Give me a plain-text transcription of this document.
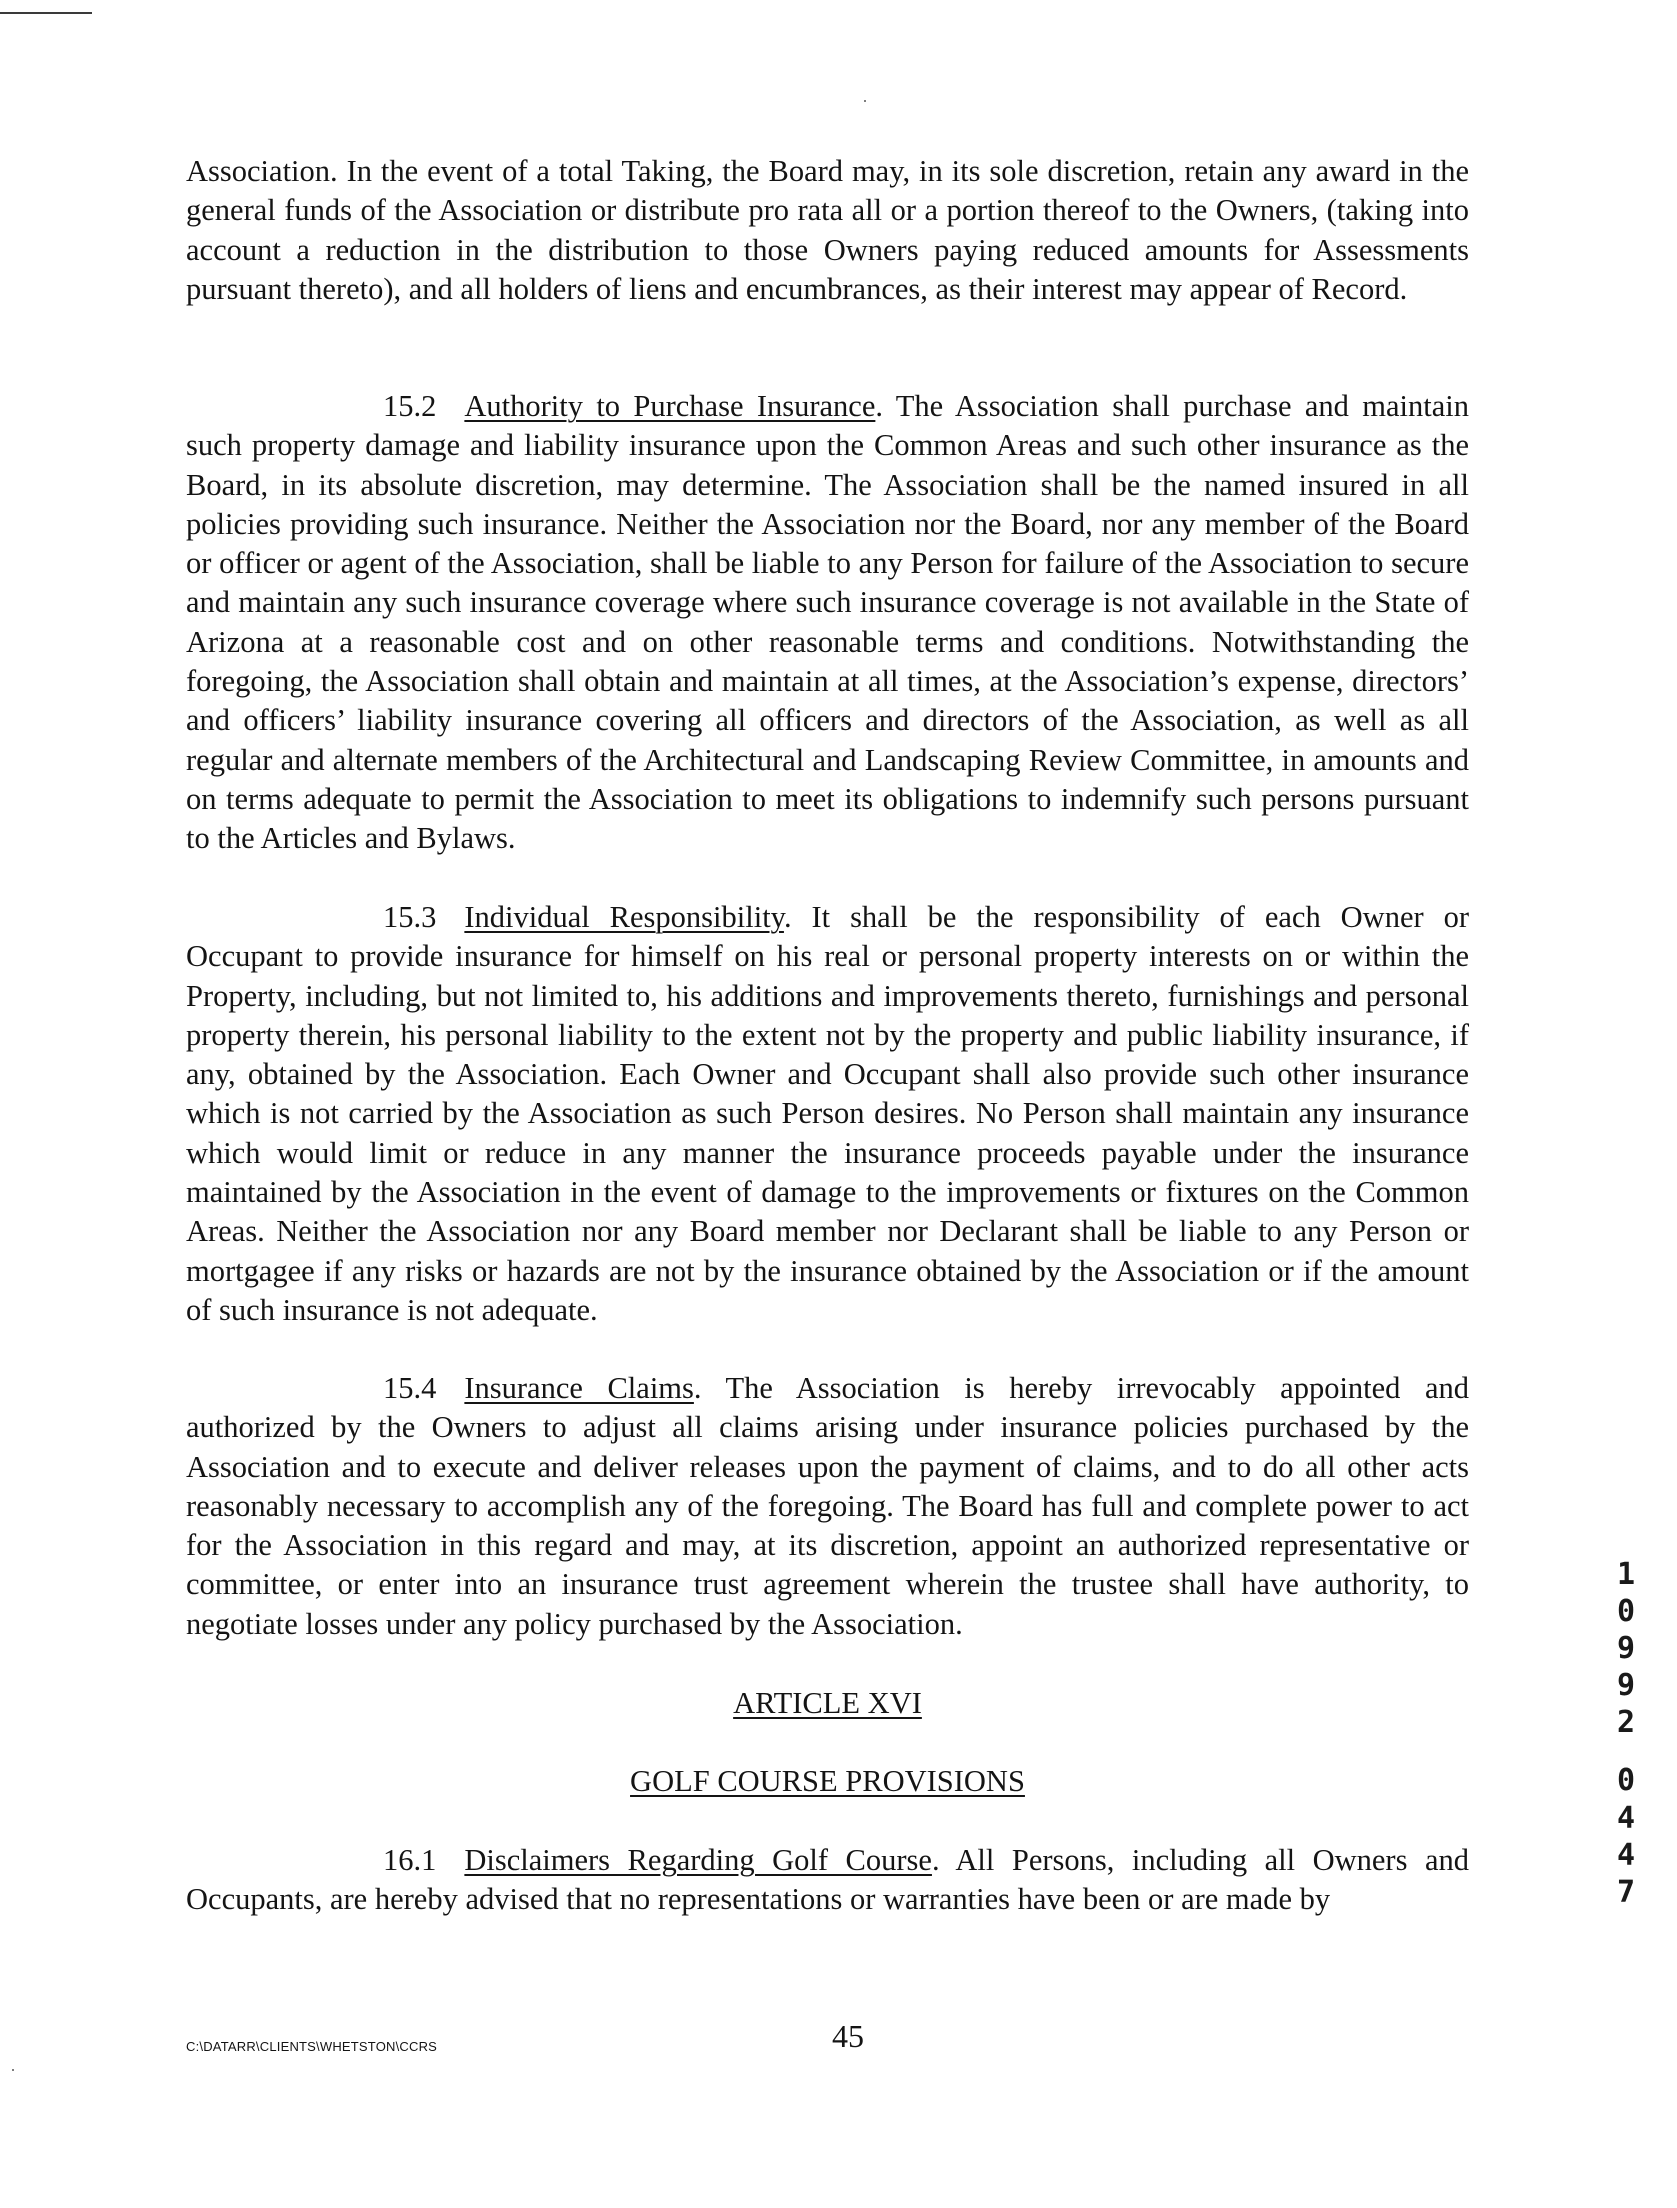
Association. In the event of a total Taking, the Board may, in its sole discretion, retain any award in the general funds of the Association or distribute pro rata all or a portion thereof to the Owners, (taking into account a reduction in the distribution to those Owners paying reduced amounts for Assessments pursuant thereto), and all holders of liens and encumbrances, as their interest may appear of Record.

15.2 Authority to Purchase Insurance. The Association shall purchase and maintain such property damage and liability insurance upon the Common Areas and such other insurance as the Board, in its absolute discretion, may determine. The Association shall be the named insured in all policies providing such insurance. Neither the Association nor the Board, nor any member of the Board or officer or agent of the Association, shall be liable to any Person for failure of the Association to secure and maintain any such insurance coverage where such insurance coverage is not available in the State of Arizona at a reasonable cost and on other reasonable terms and conditions. Notwithstanding the foregoing, the Association shall obtain and maintain at all times, at the Association’s expense, directors’ and officers’ liability insurance covering all officers and directors of the Association, as well as all regular and alternate members of the Architectural and Landscaping Review Committee, in amounts and on terms adequate to permit the Association to meet its obligations to indemnify such persons pursuant to the Articles and Bylaws.

15.3 Individual Responsibility. It shall be the responsibility of each Owner or Occupant to provide insurance for himself on his real or personal property interests on or within the Property, including, but not limited to, his additions and improvements thereto, furnishings and personal property therein, his personal liability to the extent not by the property and public liability insurance, if any, obtained by the Association. Each Owner and Occupant shall also provide such other insurance which is not carried by the Association as such Person desires. No Person shall maintain any insurance which would limit or reduce in any manner the insurance proceeds payable under the insurance maintained by the Association in the event of damage to the improvements or fixtures on the Common Areas. Neither the Association nor any Board member nor Declarant shall be liable to any Person or mortgagee if any risks or hazards are not by the insurance obtained by the Association or if the amount of such insurance is not adequate.

15.4 Insurance Claims. The Association is hereby irrevocably appointed and authorized by the Owners to adjust all claims arising under insurance policies purchased by the Association and to execute and deliver releases upon the payment of claims, and to do all other acts reasonably necessary to accomplish any of the foregoing. The Board has full and complete power to act for the Association in this regard and may, at its discretion, appoint an authorized representative or committee, or enter into an insurance trust agreement wherein the trustee shall have authority, to negotiate losses under any policy purchased by the Association.

ARTICLE XVI
GOLF COURSE PROVISIONS

16.1 Disclaimers Regarding Golf Course. All Persons, including all Owners and Occupants, are hereby advised that no representations or warranties have been or are made by

1
0
9
9
2
0
4
4
7
C:\DATARR\CLIENTS\WHETSTON\CCRS	45
